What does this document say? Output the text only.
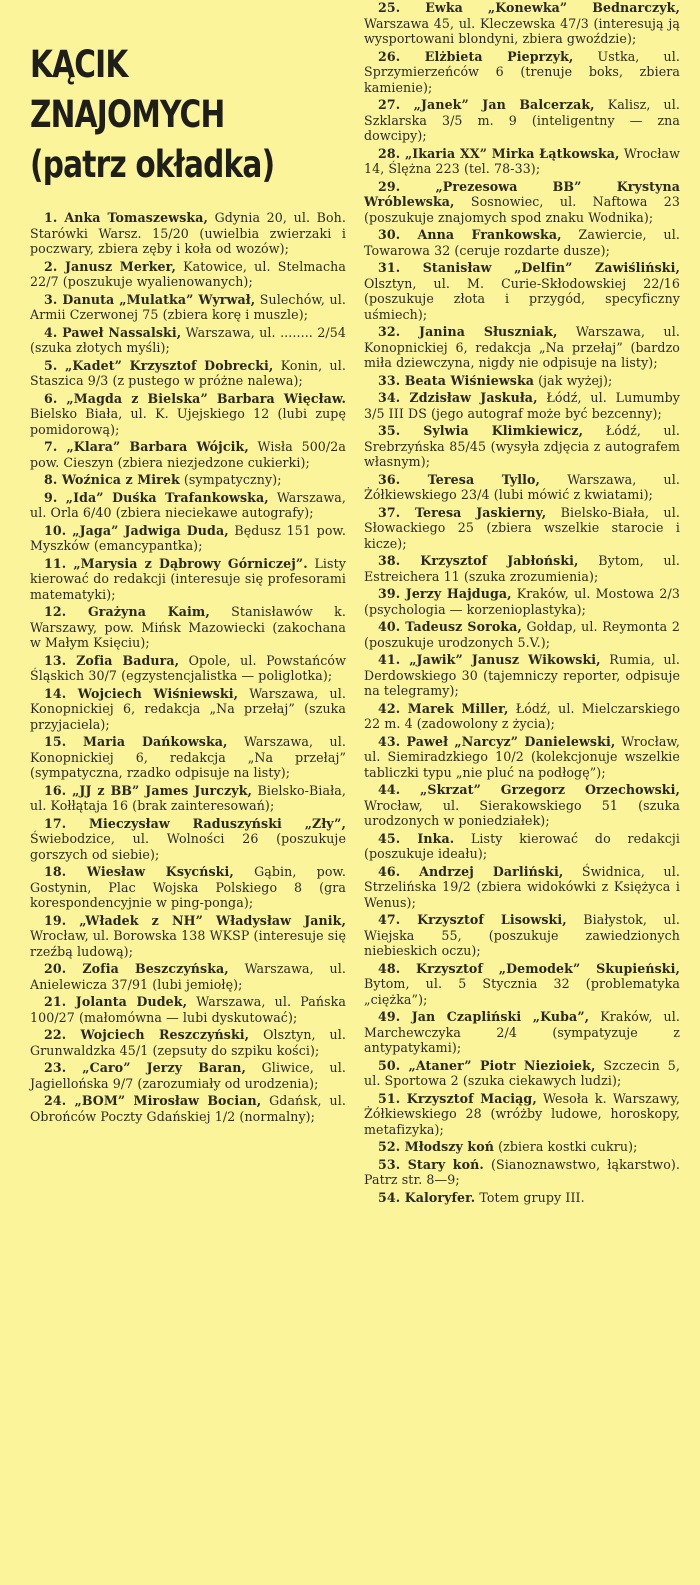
KĄCIK
ZNAJOMYCH
(patrz okładka)

1. Anka Tomaszewska, Gdynia 20, ul. Boh. Starówki Warsz. 15/20 (uwielbia zwierzaki i poczwary, zbiera zęby i koła od wozów);

2. Janusz Merker, Katowice, ul. Stelmacha 22/7 (poszukuje wyalienowanych);

3. Danuta „Mulatka” Wyrwał, Sulechów, ul. Armii Czerwonej 75 (zbiera korę i muszle);

4. Paweł Nassalski, Warszawa, ul. ........ 2/54 (szuka złotych myśli);

5. „Kadet” Krzysztof Dobrecki, Konin, ul. Staszica 9/3 (z pustego w próżne nalewa);

6. „Magda z Bielska” Barbara Więcław. Bielsko Biała, ul. K. Ujejskiego 12 (lubi zupę pomidorową);

7. „Klara” Barbara Wójcik, Wisła 500/2a pow. Cieszyn (zbiera niezjedzone cukierki);

8. Woźnica z Mirek (sympatyczny);

9. „Ida” Duśka Trafankowska, Warszawa, ul. Orla 6/40 (zbiera nieciekawe autografy);

10. „Jaga” Jadwiga Duda, Będusz 151 pow. Myszków (emancypantka);

11. „Marysia z Dąbrowy Górniczej”. Listy kierować do redakcji (interesuje się profesorami matematyki);

12. Grażyna Kaim, Stanisławów k. Warszawy, pow. Mińsk Mazowiecki (zakochana w Małym Księciu);

13. Zofia Badura, Opole, ul. Powstańców Śląskich 30/7 (egzystencjalistka — poliglotka);

14. Wojciech Wiśniewski, Warszawa, ul. Konopnickiej 6, redakcja „Na przełaj” (szuka przyjaciela);

15. Maria Dańkowska, Warszawa, ul. Konopnickiej 6, redakcja „Na przełaj” (sympatyczna, rzadko odpisuje na listy);

16. „JJ z BB” James Jurczyk, Bielsko-Biała, ul. Kołłątaja 16 (brak zainteresowań);

17. Mieczysław Raduszyński „Zły”, Świebodzice, ul. Wolności 26 (poszukuje gorszych od siebie);

18. Wiesław Ksycński, Gąbin, pow. Gostynin, Plac Wojska Polskiego 8 (gra korespondencyjnie w ping-ponga);

19. „Władek z NH” Władysław Janik, Wrocław, ul. Borowska 138 WKSP (interesuje się rzeźbą ludową);

20. Zofia Beszczyńska, Warszawa, ul. Anielewicza 37/91 (lubi jemiołę);

21. Jolanta Dudek, Warszawa, ul. Pańska 100/27 (małomówna — lubi dyskutować);

22. Wojciech Reszczyński, Olsztyn, ul. Grunwaldzka 45/1 (zepsuty do szpiku kości);

23. „Caro” Jerzy Baran, Gliwice, ul. Jagiellońska 9/7 (zarozumiały od urodzenia);

24. „BOM” Mirosław Bocian, Gdańsk, ul. Obrońców Poczty Gdańskiej 1/2 (normalny);

25. Ewka „Konewka” Bednarczyk, Warszawa 45, ul. Kleczewska 47/3 (interesują ją wysportowani blondyni, zbiera gwoździe);

26. Elżbieta Pieprzyk, Ustka, ul. Sprzymierzeńców 6 (trenuje boks, zbiera kamienie);

27. „Janek” Jan Balcerzak, Kalisz, ul. Szklarska 3/5 m. 9 (inteligentny — zna dowcipy);

28. „Ikaria XX” Mirka Łątkowska, Wrocław 14, Ślężna 223 (tel. 78-33);

29. „Prezesowa BB” Krystyna Wróblewska, Sosnowiec, ul. Naftowa 23 (poszukuje znajomych spod znaku Wodnika);

30. Anna Frankowska, Zawiercie, ul. Towarowa 32 (ceruje rozdarte dusze);

31. Stanisław „Delfin” Zawiśliński, Olsztyn, ul. M. Curie-Skłodowskiej 22/16 (poszukuje złota i przygód, specyficzny uśmiech);

32. Janina Słuszniak, Warszawa, ul. Konopnickiej 6, redakcja „Na przełaj” (bardzo miła dziewczyna, nigdy nie odpisuje na listy);

33. Beata Wiśniewska (jak wyżej);

34. Zdzisław Jaskuła, Łódź, ul. Lumumby 3/5 III DS (jego autograf może być bezcenny);

35. Sylwia Klimkiewicz, Łódź, ul. Srebrzyńska 85/45 (wysyła zdjęcia z autografem własnym);

36. Teresa Tyllo, Warszawa, ul. Żółkiewskiego 23/4 (lubi mówić z kwiatami);

37. Teresa Jaskierny, Bielsko-Biała, ul. Słowackiego 25 (zbiera wszelkie starocie i kicze);

38. Krzysztof Jabłoński, Bytom, ul. Estreichera 11 (szuka zrozumienia);

39. Jerzy Hajduga, Kraków, ul. Mostowa 2/3 (psychologia — korzenioplastyka);

40. Tadeusz Soroka, Gołdap, ul. Reymonta 2 (poszukuje urodzonych 5.V.);

41. „Jawik” Janusz Wikowski, Rumia, ul. Derdowskiego 30 (tajemniczy reporter, odpisuje na telegramy);

42. Marek Miller, Łódź, ul. Mielczarskiego 22 m. 4 (zadowolony z życia);

43. Paweł „Narcyz” Danielewski, Wrocław, ul. Siemiradzkiego 10/2 (kolekcjonuje wszelkie tabliczki typu „nie pluć na podłogę”);

44. „Skrzat” Grzegorz Orzechowski, Wrocław, ul. Sierakowskiego 51 (szuka urodzonych w poniedziałek);

45. Inka. Listy kierować do redakcji (poszukuje ideału);

46. Andrzej Darliński, Świdnica, ul. Strzelińska 19/2 (zbiera widokówki z Księżyca i Wenus);

47. Krzysztof Lisowski, Białystok, ul. Wiejska 55, (poszukuje zawiedzionych niebieskich oczu);

48. Krzysztof „Demodek” Skupieński, Bytom, ul. 5 Stycznia 32 (problematyka „ciężka”);

49. Jan Czapliński „Kuba”, Kraków, ul. Marchewczyka 2/4 (sympatyzuje z antypatykami);

50. „Ataner” Piotr Niezioiek, Szczecin 5, ul. Sportowa 2 (szuka ciekawych ludzi);

51. Krzysztof Maciąg, Wesoła k. Warszawy, Żółkiewskiego 28 (wróżby ludowe, horoskopy, metafizyka);

52. Młodszy koń (zbiera kostki cukru);

53. Stary koń. (Sianoznawstwo, łąkarstwo). Patrz str. 8—9;

54. Kaloryfer. Totem grupy III.
